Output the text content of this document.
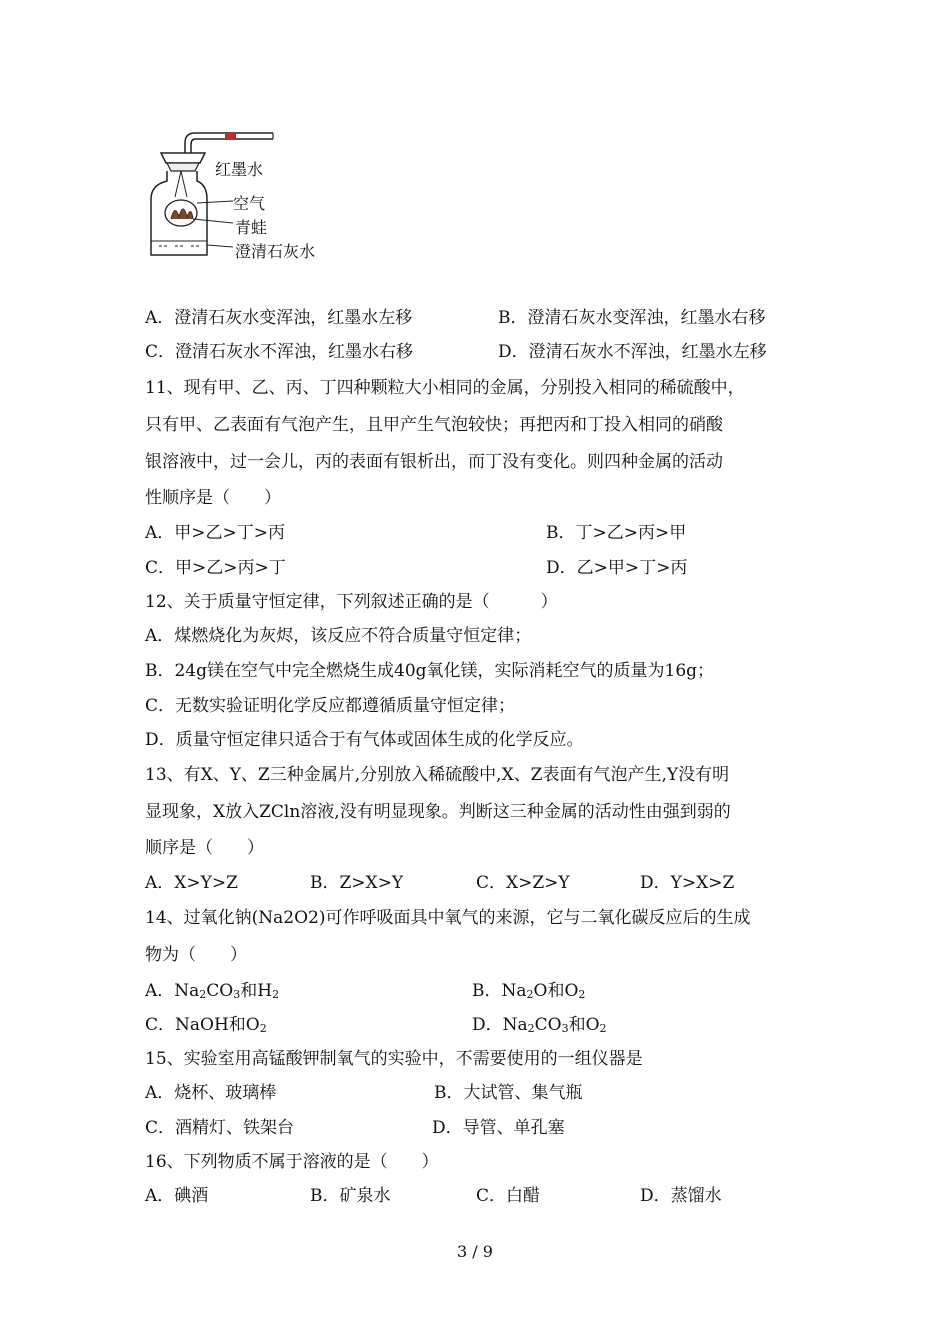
红墨水
空气
青蛙
澄清石灰水
A．澄清石灰水变浑浊，红墨水左移	B．澄清石灰水变浑浊，红墨水右移
C．澄清石灰水不浑浊，红墨水右移	D．澄清石灰水不浑浊，红墨水左移
11、现有甲、乙、丙、丁四种颗粒大小相同的金属，分别投入相同的稀硫酸中，
只有甲、乙表面有气泡产生，且甲产生气泡较快；再把丙和丁投入相同的硝酸
银溶液中，过一会儿，丙的表面有银析出，而丁没有变化。则四种金属的活动
性顺序是（　　）
A．甲>乙>丁>丙	B．丁>乙>丙>甲
C．甲>乙>丙>丁	D．乙>甲>丁>丙
12、关于质量守恒定律，下列叙述正确的是（　　　）
A．煤燃烧化为灰烬，该反应不符合质量守恒定律；
B．24g镁在空气中完全燃烧生成40g氧化镁，实际消耗空气的质量为16g；
C．无数实验证明化学反应都遵循质量守恒定律；
D．质量守恒定律只适合于有气体或固体生成的化学反应。
13、有X、Y、Z三种金属片,分别放入稀硫酸中,X、Z表面有气泡产生,Y没有明
显现象，X放入ZCln溶液,没有明显现象。判断这三种金属的活动性由强到弱的
顺序是（　　）
A．X>Y>Z	B．Z>X>Y	C．X>Z>Y	D．Y>X>Z
14、过氧化钠(Na2O2)可作呼吸面具中氧气的来源，它与二氧化碳反应后的生成
物为（　　）
A．$Na_2CO_3$和$H_2$	B．$Na_2O$和$O_2$
C．NaOH和$O_2$	D．$Na_2CO_3$和$O_2$
15、实验室用高锰酸钾制氧气的实验中，不需要使用的一组仪器是
A．烧杯、玻璃棒	B．大试管、集气瓶
C．酒精灯、铁架台	D．导管、单孔塞
16、下列物质不属于溶液的是（　　）
A．碘酒	B．矿泉水	C．白醋	D．蒸馏水
3 / 9
